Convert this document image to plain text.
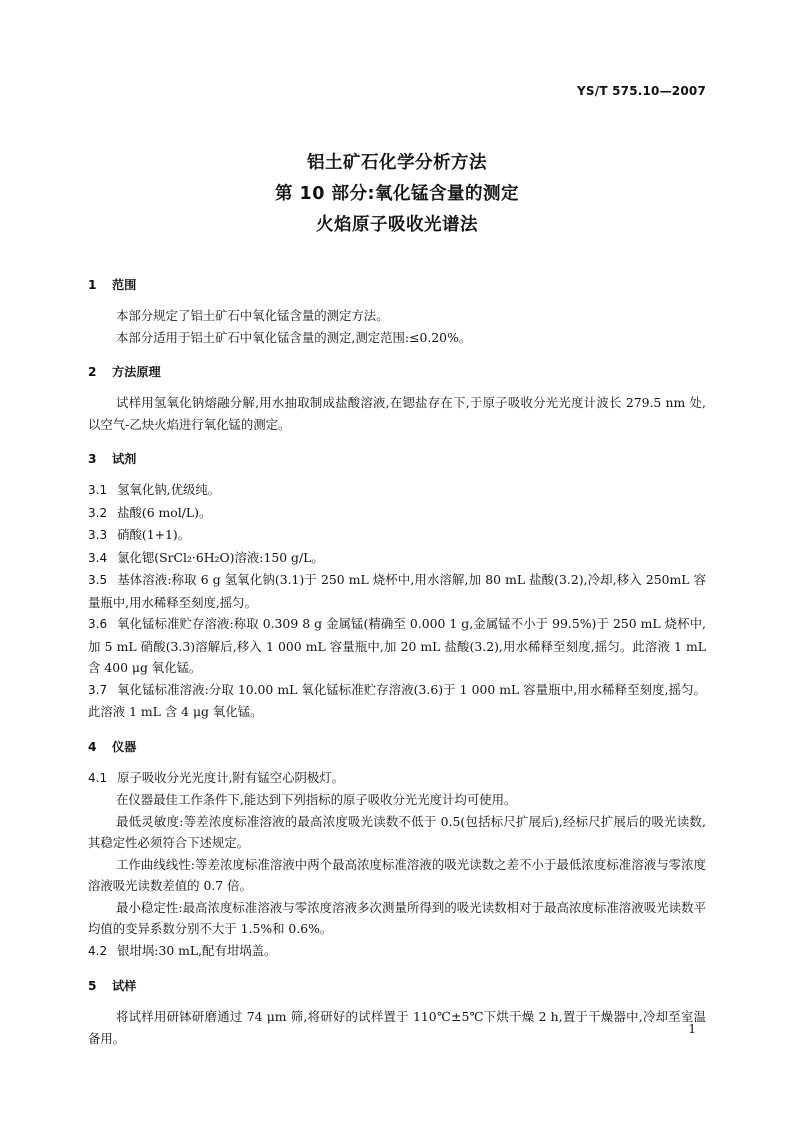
YS/T 575.10—2007
铝土矿石化学分析方法
第 10 部分:氧化锰含量的测定
火焰原子吸收光谱法
1 范围

本部分规定了铝土矿石中氧化锰含量的测定方法。

本部分适用于铝土矿石中氧化锰含量的测定,测定范围:≤0.20%。

2 方法原理

试样用氢氧化钠熔融分解,用水抽取制成盐酸溶液,在锶盐存在下,于原子吸收分光光度计波长 279.5 nm 处,以空气-乙炔火焰进行氧化锰的测定。

3 试剂

3.1 氢氧化钠,优级纯。

3.2 盐酸(6 mol/L)。

3.3 硝酸(1+1)。

3.4 氯化锶(SrCl₂·6H₂O)溶液:150 g/L。

3.5 基体溶液:称取 6 g 氢氧化钠(3.1)于 250 mL 烧杯中,用水溶解,加 80 mL 盐酸(3.2),冷却,移入 250mL 容量瓶中,用水稀释至刻度,摇匀。

3.6 氧化锰标准贮存溶液:称取 0.309 8 g 金属锰(精确至 0.000 1 g,金属锰不小于 99.5%)于 250 mL 烧杯中,加 5 mL 硝酸(3.3)溶解后,移入 1 000 mL 容量瓶中,加 20 mL 盐酸(3.2),用水稀释至刻度,摇匀。此溶液 1 mL 含 400 μg 氧化锰。

3.7 氧化锰标准溶液:分取 10.00 mL 氧化锰标准贮存溶液(3.6)于 1 000 mL 容量瓶中,用水稀释至刻度,摇匀。此溶液 1 mL 含 4 μg 氧化锰。

4 仪器

4.1 原子吸收分光光度计,附有锰空心阴极灯。

在仪器最佳工作条件下,能达到下列指标的原子吸收分光光度计均可使用。

最低灵敏度:等差浓度标准溶液的最高浓度吸光读数不低于 0.5(包括标尺扩展后),经标尺扩展后的吸光读数,其稳定性必须符合下述规定。

工作曲线线性:等差浓度标准溶液中两个最高浓度标准溶液的吸光读数之差不小于最低浓度标准溶液与零浓度溶液吸光读数差值的 0.7 倍。

最小稳定性:最高浓度标准溶液与零浓度溶液多次测量所得到的吸光读数相对于最高浓度标准溶液吸光读数平均值的变异系数分别不大于 1.5%和 0.6%。

4.2 银坩埚:30 mL,配有坩埚盖。

5 试样

将试样用研钵研磨通过 74 μm 筛,将研好的试样置于 110℃±5℃下烘干燥 2 h,置于干燥器中,冷却至室温备用。

1
